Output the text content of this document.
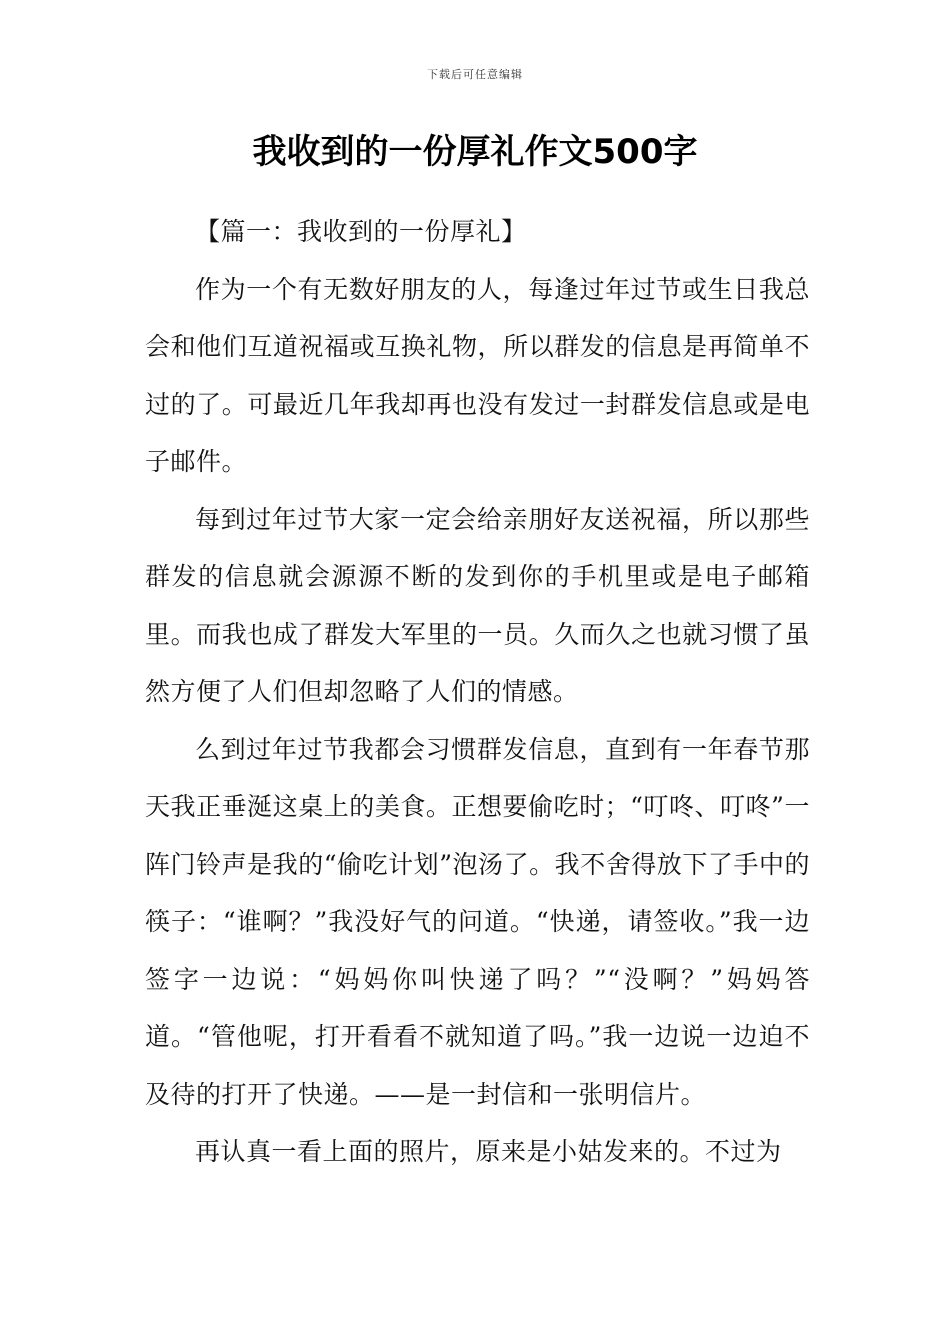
下载后可任意编辑
我收到的一份厚礼作文500字

【篇一：我收到的一份厚礼】

作为一个有无数好朋友的人，每逢过年过节或生日我总会和他们互道祝福或互换礼物，所以群发的信息是再简单不过的了。可最近几年我却再也没有发过一封群发信息或是电子邮件。

每到过年过节大家一定会给亲朋好友送祝福，所以那些群发的信息就会源源不断的发到你的手机里或是电子邮箱里。而我也成了群发大军里的一员。久而久之也就习惯了虽然方便了人们但却忽略了人们的情感。

么到过年过节我都会习惯群发信息，直到有一年春节那天我正垂涎这桌上的美食。正想要偷吃时；“叮咚、叮咚”一阵门铃声是我的“偷吃计划”泡汤了。我不舍得放下了手中的筷子：“谁啊？”我没好气的问道。“快递，请签收。”我一边签字一边说：“妈妈你叫快递了吗？”“没啊？”妈妈答道。“管他呢，打开看看不就知道了吗。”我一边说一边迫不及待的打开了快递。——是一封信和一张明信片。

再认真一看上面的照片，原来是小姑发来的。不过为
